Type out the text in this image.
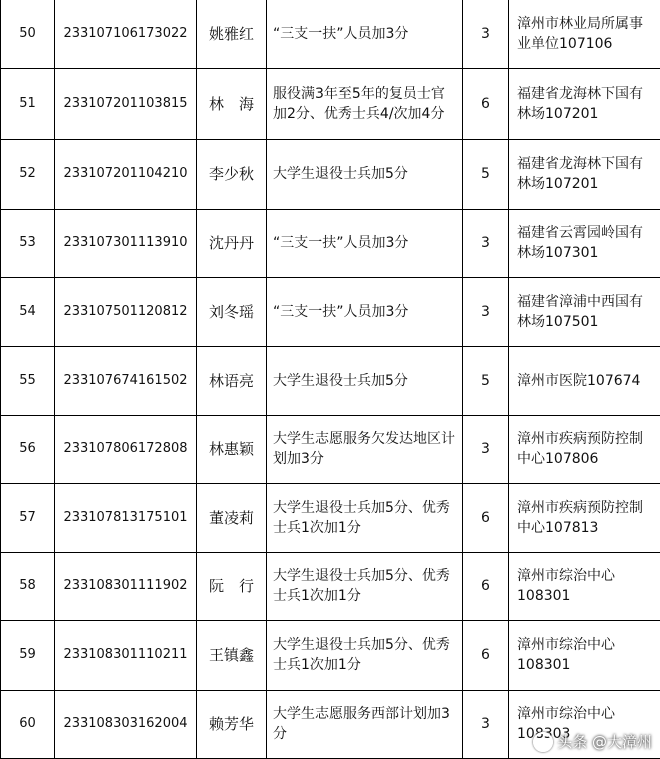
50	233107106173022	姚雅红	“三支一扶”人员加3分	3	漳州市林业局所属事业单位107106
51	233107201103815	林　海	服役满3年至5年的复员士官加2分、优秀士兵4/次加4分	6	福建省龙海林下国有林场107201
52	233107201104210	李少秋	大学生退役士兵加5分	5	福建省龙海林下国有林场107201
53	233107301113910	沈丹丹	“三支一扶”人员加3分	3	福建省云霄园岭国有林场107301
54	233107501120812	刘冬瑶	“三支一扶”人员加3分	3	福建省漳浦中西国有林场107501
55	233107674161502	林语亮	大学生退役士兵加5分	5	漳州市医院107674
56	233107806172808	林惠颖	大学生志愿服务欠发达地区计划加3分	3	漳州市疾病预防控制中心107806
57	233107813175101	董凌莉	大学生退役士兵加5分、优秀士兵1次加1分	6	漳州市疾病预防控制中心107813
58	233108301111902	阮　行	大学生退役士兵加5分、优秀士兵1次加1分	6	漳州市综治中心108301
59	233108301110211	王镇鑫	大学生退役士兵加5分、优秀士兵1次加1分	6	漳州市综治中心108301
60	233108303162004	赖芳华	大学生志愿服务西部计划加3分	3	漳州市综治中心108303
头条 @大漳州
